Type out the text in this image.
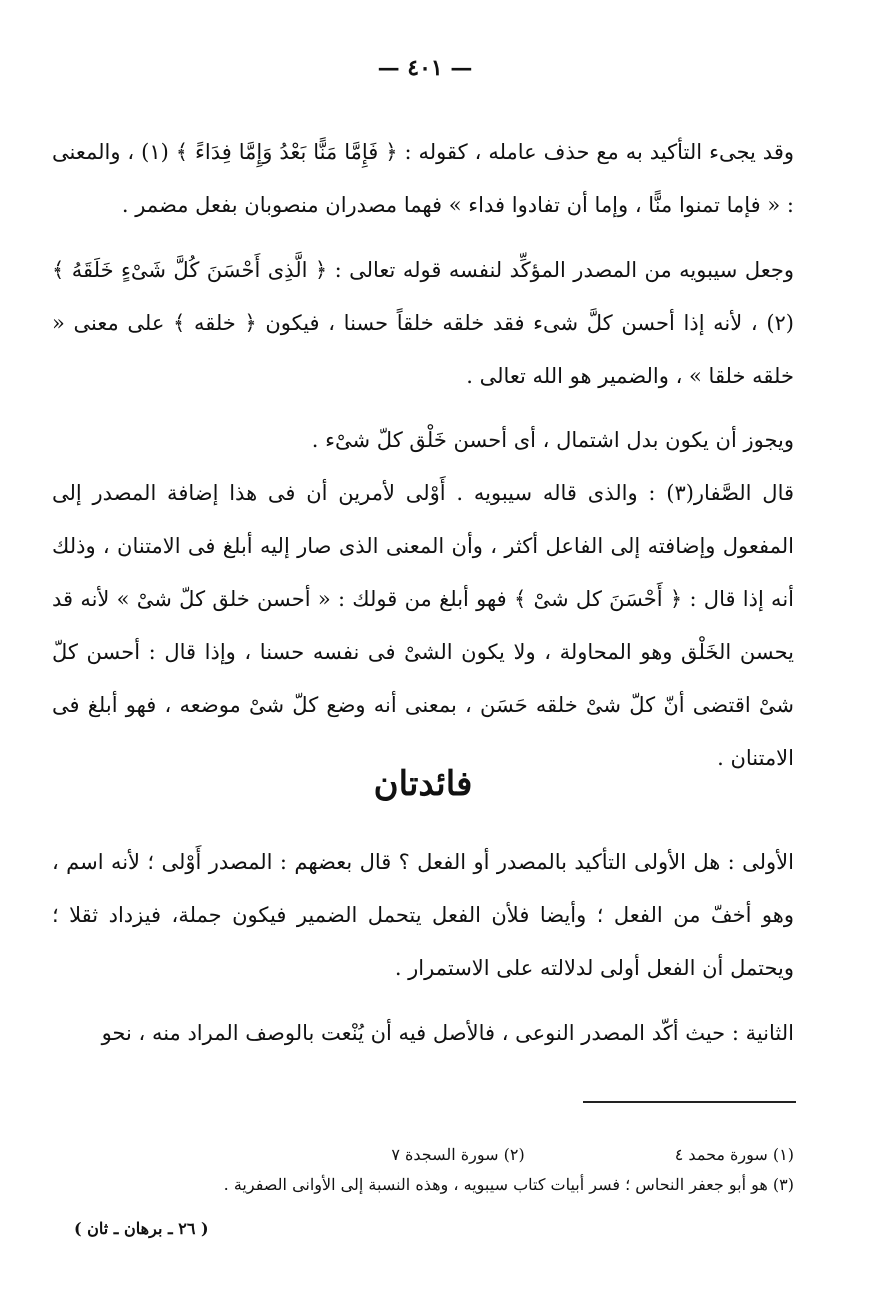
— ٤٠١ —

وقد يجىء التأكيد به مع حذف عامله ، كقوله : ﴿ فَإِمَّا مَنًّا بَعْدُ وَإِمَّا فِدَاءً ﴾ (١) ، والمعنى : « فإما تمنوا منًّا ، وإما أن تفادوا فداء » فهما مصدران منصوبان بفعل مضمر .

وجعل سيبويه من المصدر المؤكِّد لنفسه قوله تعالى : ﴿ الَّذِى أَحْسَنَ كُلَّ شَىْءٍ خَلَقَهُ ﴾ (٢) ، لأنه إذا أحسن كلَّ شىء فقد خلقه خلقاً حسنا ، فيكون ﴿ خلقه ﴾ على معنى « خلقه خلقا » ، والضمير هو الله تعالى .

ويجوز أن يكون بدل اشتمال ، أى أحسن خَلْق كلّ شىْء .

قال الصَّفار(٣) : والذى قاله سيبويه . أَوْلى لأمرين أن فى هذا إضافة المصدر إلى المفعول وإضافته إلى الفاعل أكثر ، وأن المعنى الذى صار إليه أبلغ فى الامتنان ، وذلك أنه إذا قال : ﴿ أَحْسَنَ كل شىْ ﴾ فهو أبلغ من قولك : « أحسن خلق كلّ شىْ » لأنه قد يحسن الخَلْق وهو المحاولة ، ولا يكون الشىْ فى نفسه حسنا ، وإذا قال : أحسن كلّ شىْ اقتضى أنّ كلّ شىْ خلقه حَسَن ، بمعنى أنه وضع كلّ شىْ موضعه ، فهو أبلغ فى الامتنان .

فائدتان

الأولى : هل الأولى التأكيد بالمصدر أو الفعل ؟ قال بعضهم : المصدر أَوْلى ؛ لأنه اسم ، وهو أخفّ من الفعل ؛ وأيضا فلأن الفعل يتحمل الضمير فيكون جملة، فيزداد ثقلا ؛ ويحتمل أن الفعل أولى لدلالته على الاستمرار .

الثانية : حيث أكّد المصدر النوعى ، فالأصل فيه أن يُنْعت بالوصف المراد منه ، نحو

(١) سورة محمد ٤(٢) سورة السجدة ٧
(٣) هو أبو جعفر النحاس ؛ فسر أبيات كتاب سيبويه ، وهذه النسبة إلى الأوانى الصفرية .
( ٢٦ ـ برهان ـ ثان )
